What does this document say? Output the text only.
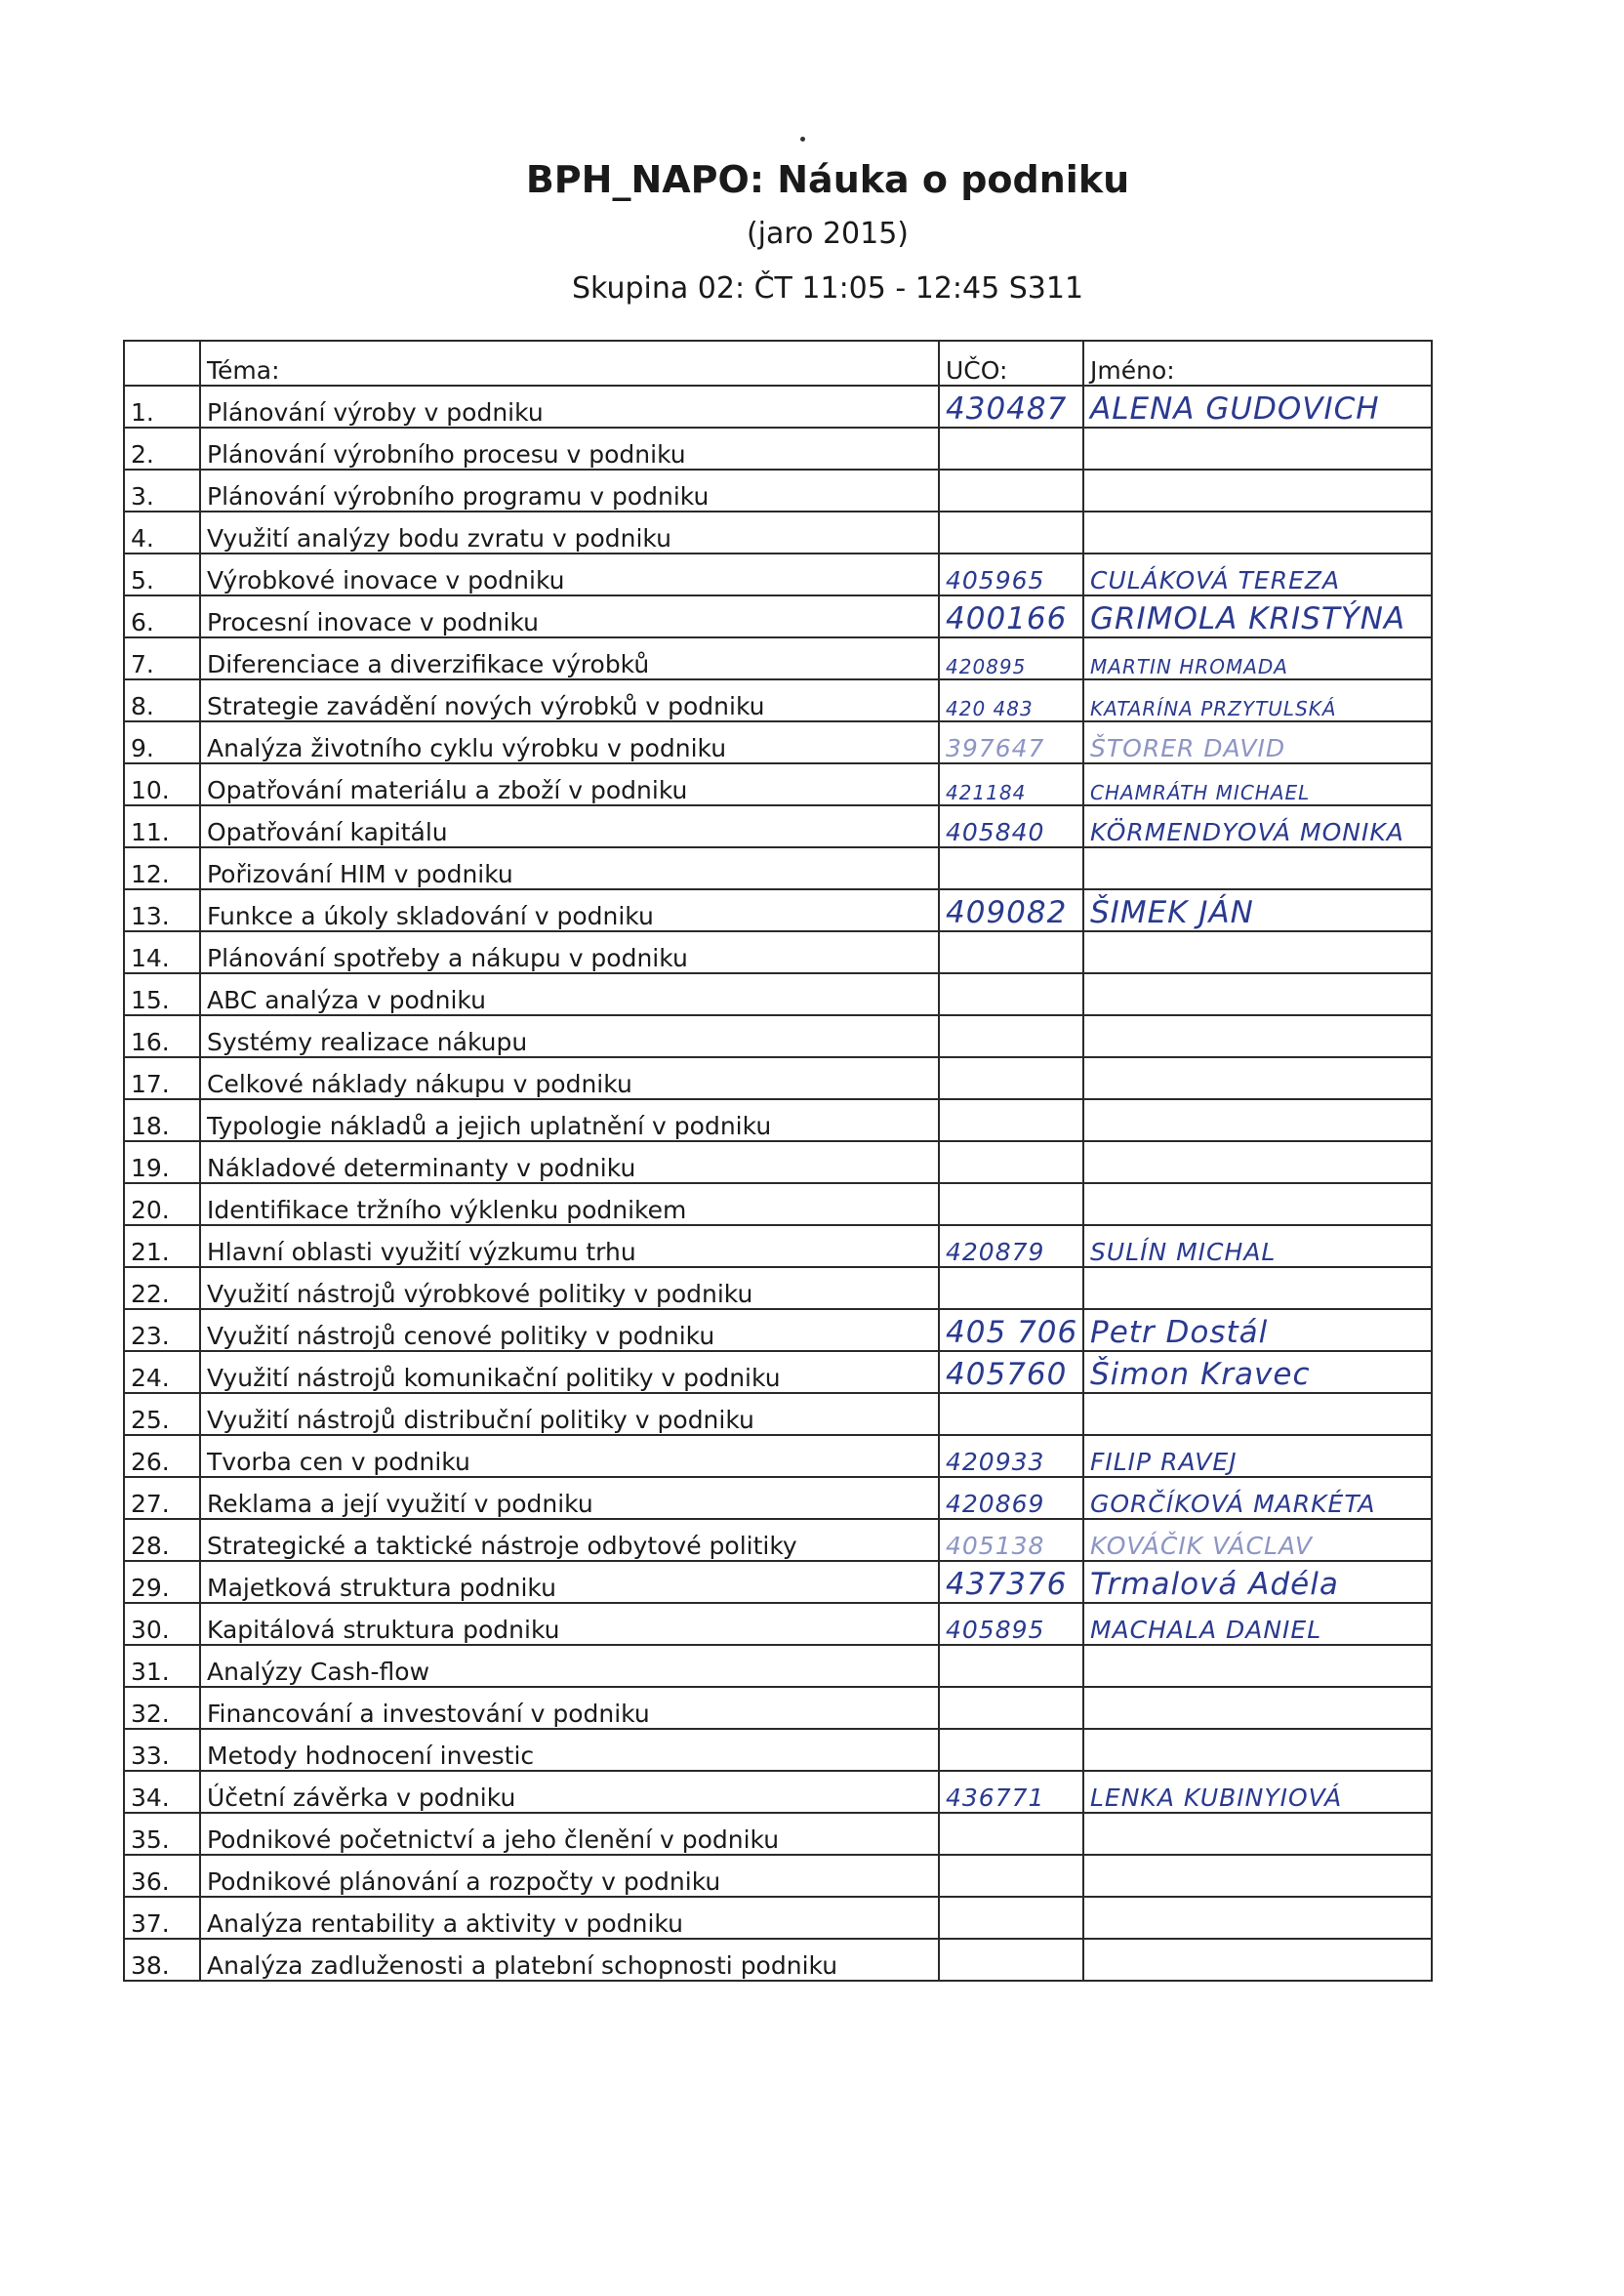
BPH_NAPO: Náuka o podniku
(jaro 2015)
Skupina 02: ČT 11:05 - 12:45 S311
	Téma:	UČO:	Jméno:
1.	Plánování výroby v podniku	430487	ALENA GUDOVICH
2.	Plánování výrobního procesu v podniku		
3.	Plánování výrobního programu v podniku		
4.	Využití analýzy bodu zvratu v podniku		
5.	Výrobkové inovace v podniku	405965	CULÁKOVÁ TEREZA
6.	Procesní inovace v podniku	400166	GRIMOLA KRISTÝNA
7.	Diferenciace a diverzifikace výrobků	420895	MARTIN HROMADA
8.	Strategie zavádění nových výrobků v podniku	420 483	KATARÍNA PRZYTULSKÁ
9.	Analýza životního cyklu výrobku v podniku	397647	ŠTORER DAVID
10.	Opatřování materiálu a zboží v podniku	421184	CHAMRÁTH MICHAEL
11.	Opatřování kapitálu	405840	KÖRMENDYOVÁ MONIKA
12.	Pořizování HIM v podniku		
13.	Funkce a úkoly skladování v podniku	409082	ŠIMEK JÁN
14.	Plánování spotřeby a nákupu v podniku		
15.	ABC analýza v podniku		
16.	Systémy realizace nákupu		
17.	Celkové náklady nákupu v podniku		
18.	Typologie nákladů a jejich uplatnění v podniku		
19.	Nákladové determinanty v podniku		
20.	Identifikace tržního výklenku podnikem		
21.	Hlavní oblasti využití výzkumu trhu	420879	SULÍN MICHAL
22.	Využití nástrojů výrobkové politiky v podniku		
23.	Využití nástrojů cenové politiky v podniku	405 706	Petr Dostál
24.	Využití nástrojů komunikační politiky v podniku	405760	Šimon Kravec
25.	Využití nástrojů distribuční politiky v podniku		
26.	Tvorba cen v podniku	420933	FILIP RAVEJ
27.	Reklama a její využití v podniku	420869	GORČÍKOVÁ MARKÉTA
28.	Strategické a taktické nástroje odbytové politiky	405138	KOVÁČIK VÁCLAV
29.	Majetková struktura podniku	437376	Trmalová Adéla
30.	Kapitálová struktura podniku	405895	MACHALA DANIEL
31.	Analýzy Cash-flow		
32.	Financování a investování v podniku		
33.	Metody hodnocení investic		
34.	Účetní závěrka v podniku	436771	LENKA KUBINYIOVÁ
35.	Podnikové početnictví a jeho členění v podniku		
36.	Podnikové plánování a rozpočty v podniku		
37.	Analýza rentability a aktivity v podniku		
38.	Analýza zadluženosti a platební schopnosti podniku		
